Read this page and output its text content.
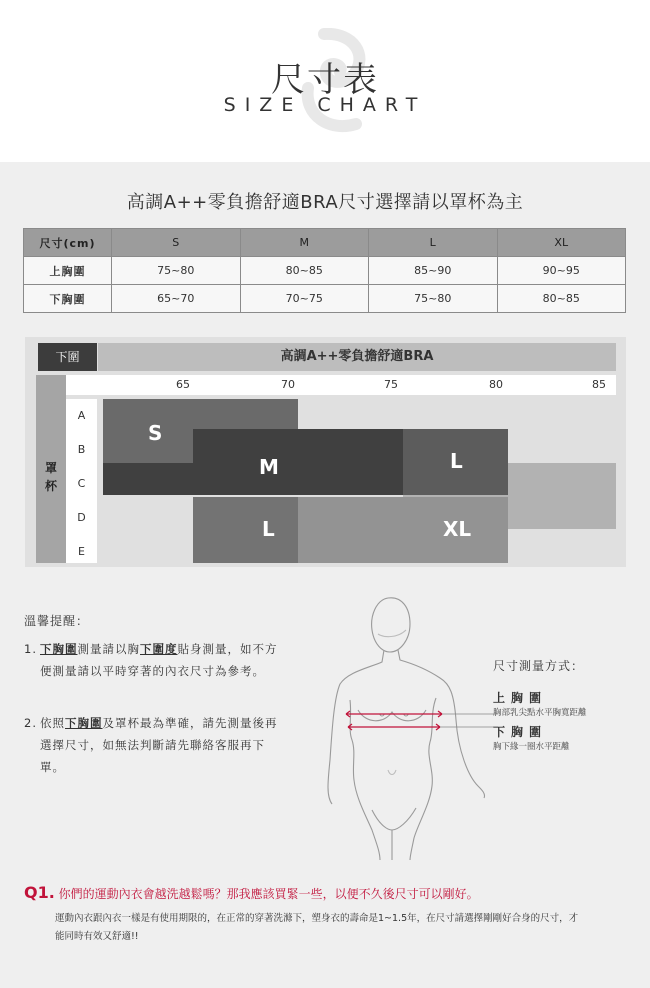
尺寸表
SIZE CHART
高調A++零負擔舒適BRA尺寸選擇請以罩杯為主
尺寸(cm)	S	M	L	XL
上胸圍	75~80	80~85	85~90	90~95
下胸圍	65~70	70~75	75~80	80~85
下圍	高調A++零負擔舒適BRA
65	70	75	80	85
罩杯
A
B
C
D
E
S
M	L
L	XL
溫馨提醒：
1. 下胸圍測量請以胸下圍度貼身測量，如不方便測量請以平時穿著的內衣尺寸為參考。
2. 依照下胸圍及罩杯最為準確，請先測量後再選擇尺寸，如無法判斷請先聯絡客服再下單。
尺寸測量方式：
上胸圍
胸部乳尖點水平胸寬距離
下胸圍
胸下緣一圈水平距離
Q1. 你們的運動內衣會越洗越鬆嗎？那我應該買緊一些，以便不久後尺寸可以剛好。
運動內衣跟內衣一樣是有使用期限的，在正常的穿著洗滌下，塑身衣的壽命是1~1.5年，在尺寸請選擇剛剛好合身的尺寸，才能同時有效又舒適!!
